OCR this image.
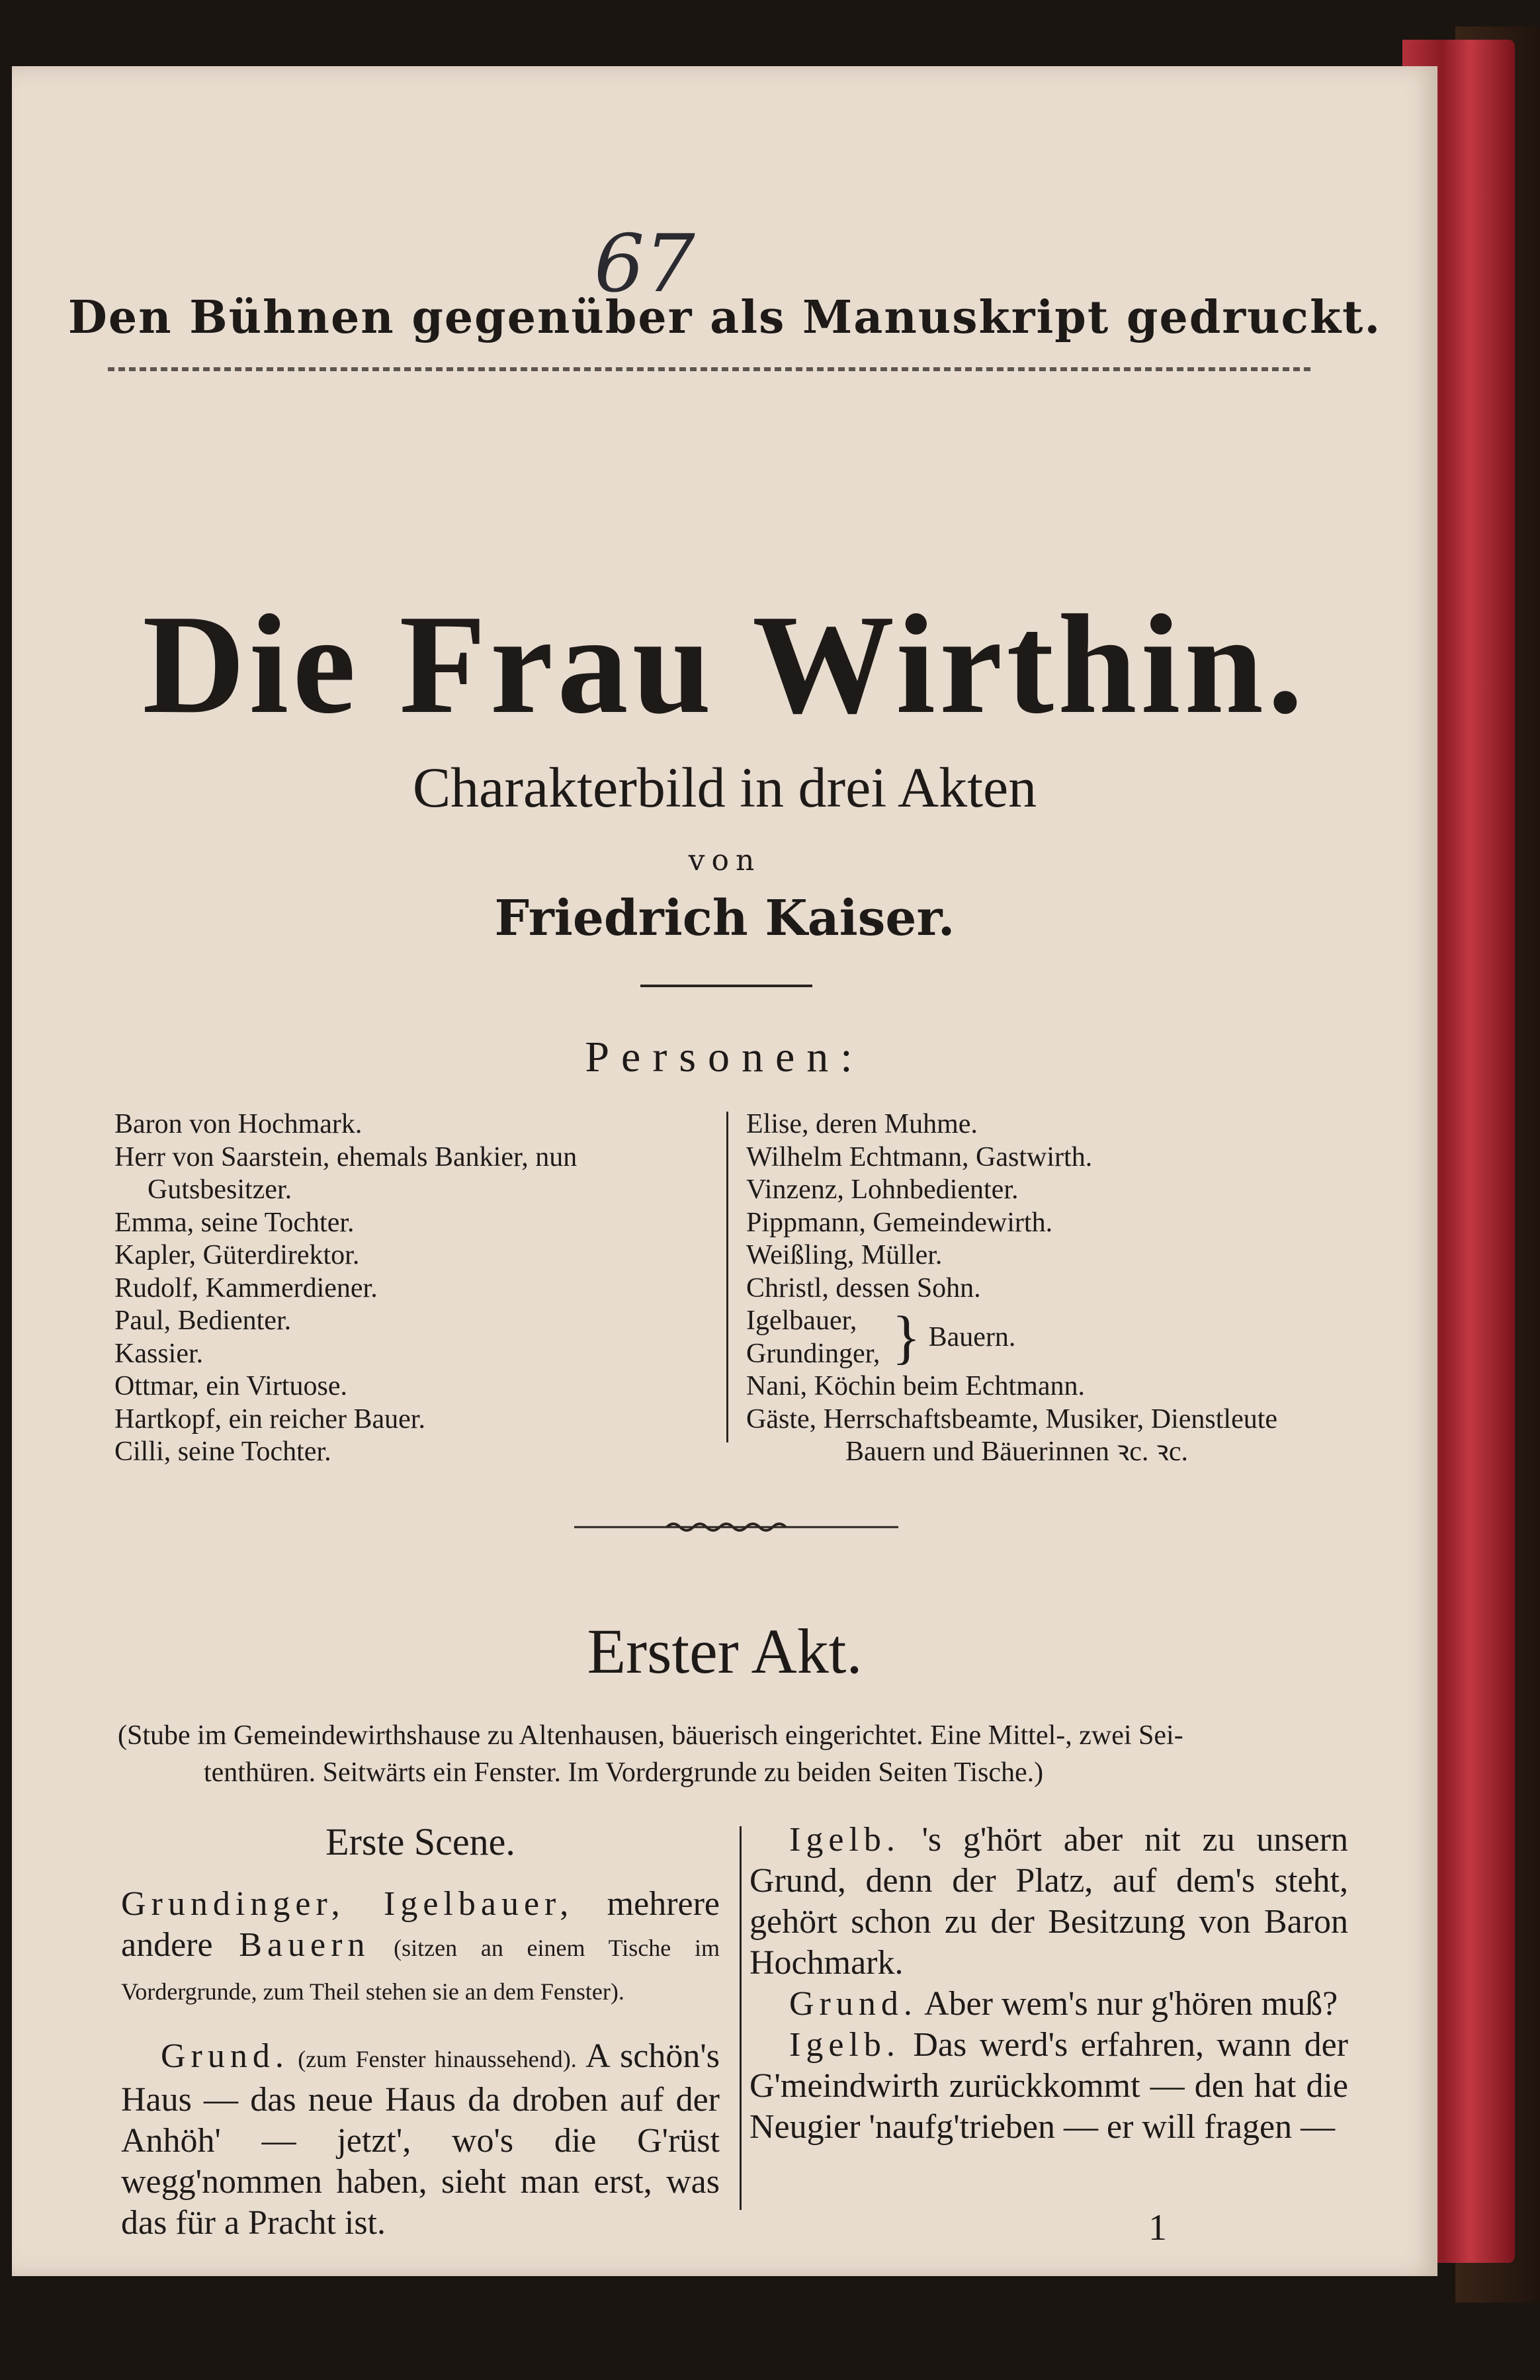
67
Den Bühnen gegenüber als Manuskript gedruckt.
Die Frau Wirthin.
Charakterbild in drei Akten
von
Friedrich Kaiser.
Personen:
Baron von Hochmark.
Herr von Saarstein, ehemals Bankier, nun
Gutsbesitzer.
Emma, seine Tochter.
Kapler, Güterdirektor.
Rudolf, Kammerdiener.
Paul, Bedienter.
Kassier.
Ottmar, ein Virtuose.
Hartkopf, ein reicher Bauer.
Cilli, seine Tochter.
Elise, deren Muhme.
Wilhelm Echtmann, Gastwirth.
Vinzenz, Lohnbedienter.
Pippmann, Gemeindewirth.
Weißling, Müller.
Christl, dessen Sohn.
Igelbauer,
Grundinger, } Bauern.
Nani, Köchin beim Echtmann.
Gäste, Herrschaftsbeamte, Musiker, Dienstleute
Bauern und Bäuerinnen ꝛc. ꝛc.
Erster Akt.
(Stube im Gemeindewirthshause zu Altenhausen, bäuerisch eingerichtet. Eine Mittel-, zwei Sei-
tenthüren. Seitwärts ein Fenster. Im Vordergrunde zu beiden Seiten Tische.)
Erste Scene.
Grundinger, Igelbauer, mehrere andere Bauern (sitzen an einem Tische im Vordergrunde, zum Theil stehen sie an dem Fenster).
Grund. (zum Fenster hinaussehend). A schön's Haus — das neue Haus da droben auf der Anhöh' — jetzt', wo's die G'rüst wegg'nommen haben, sieht man erst, was das für a Pracht ist.
Igelb. 's g'hört aber nit zu unsern Grund, denn der Platz, auf dem's steht, gehört schon zu der Besitzung von Baron Hochmark.
Grund. Aber wem's nur g'hören muß?
Igelb. Das werd's erfahren, wann der G'meindwirth zurückkommt — den hat die Neugier 'naufg'trieben — er will fragen —
1
